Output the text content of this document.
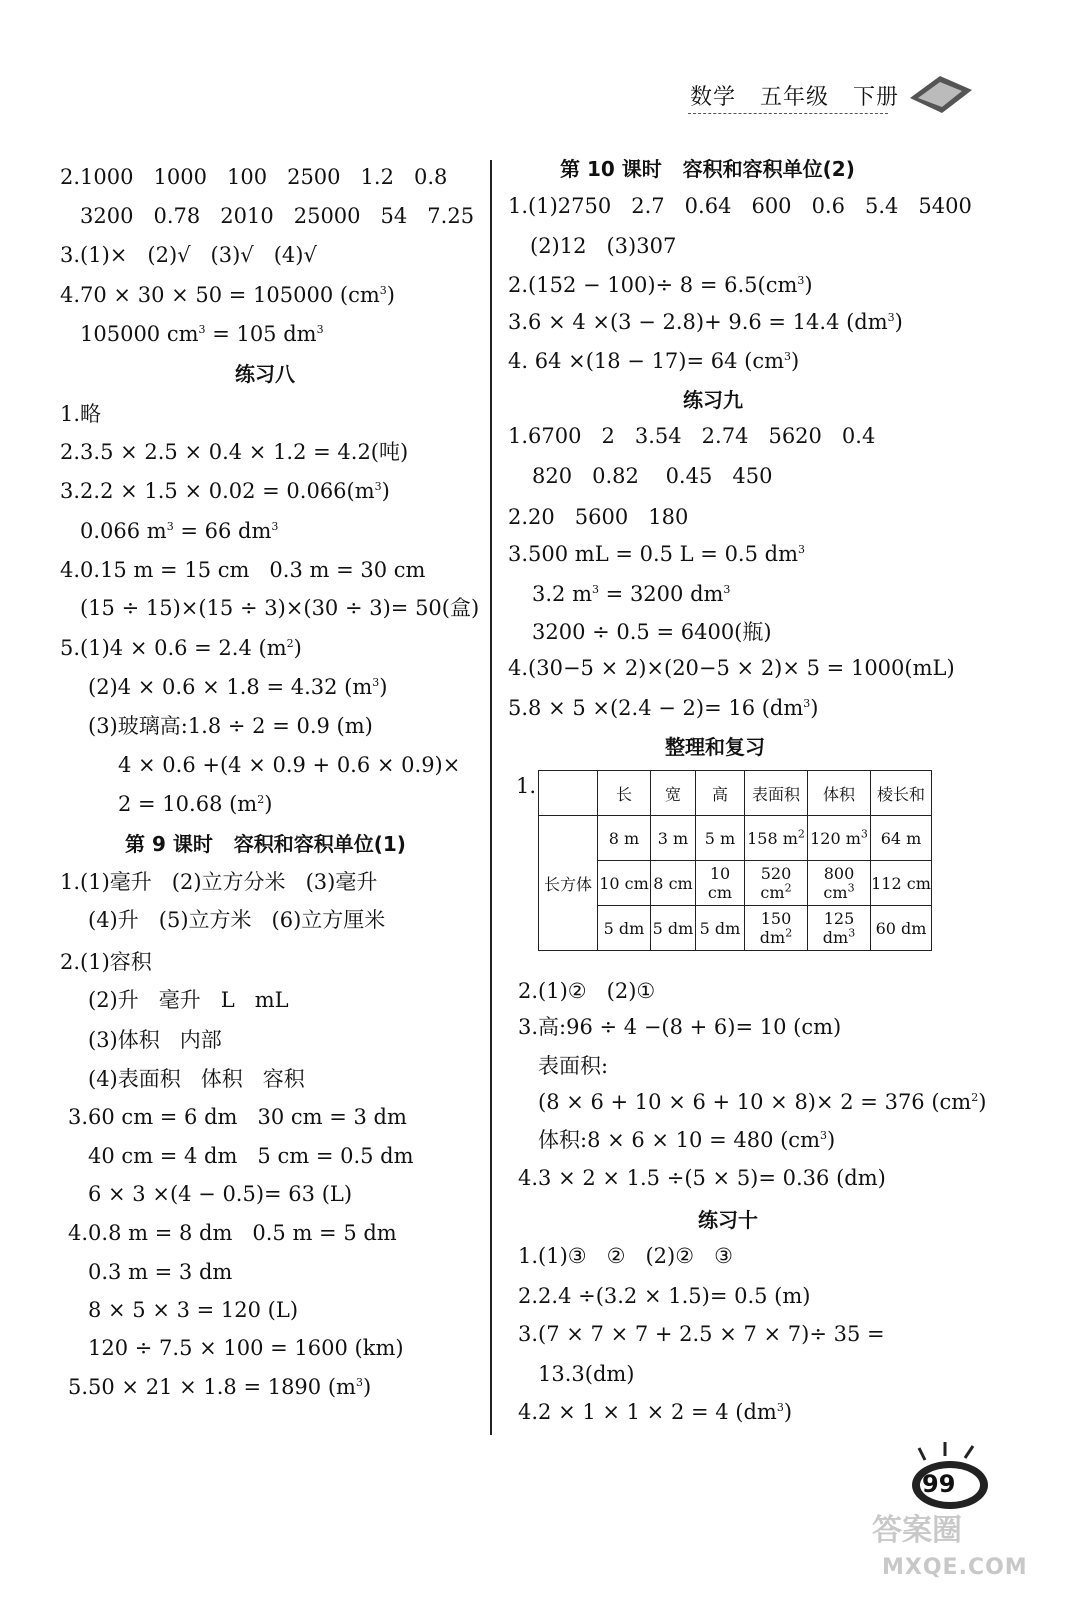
数学   五年级   下册
2.1000   1000   100   2500   1.2   0.8
3200   0.78   2010   25000   54   7.25
3.(1)×   (2)√   (3)√   (4)√
4.70 × 30 × 50 = 105000 $(cm^3)$
105000 $cm^3 = 105$ $dm^3$
练习八
1.略
2.3.5 × 2.5 × 0.4 × 1.2 = 4.2(吨)
$3.2.2 \times 1.5 \times 0.02 = 0.066(m^3)$
0.066 $m^3 = 66$ $dm^3$
4.0.15 m = 15 cm   0.3 m = 30 cm
(15 ÷ 15)×(15 ÷ 3)×(30 ÷ 3)= 50(盒)
5.(1)4 × 0.6 = 2.4 $(m^2)$
(2)4 × 0.6 × 1.8 = 4.32 $(m^3)$
(3)玻璃高:1.8 ÷ 2 = 0.9 (m)
4 × 0.6 +(4 × 0.9 + 0.6 × 0.9)×
2 = 10.68 $(m^2)$
第 9 课时   容积和容积单位(1)
1.(1)毫升   (2)立方分米   (3)毫升
(4)升   (5)立方米   (6)立方厘米
2.(1)容积
(2)升   毫升   L   mL
(3)体积   内部
(4)表面积   体积   容积
3.60 cm = 6 dm   30 cm = 3 dm
40 cm = 4 dm   5 cm = 0.5 dm
6 × 3 ×(4 − 0.5)= 63 (L)
4.0.8 m = 8 dm   0.5 m = 5 dm
0.3 m = 3 dm
8 × 5 × 3 = 120 (L)
120 ÷ 7.5 × 100 = 1600 (km)
5.50 × 21 × 1.8 = 1890 $(m^3)$
第 10 课时   容积和容积单位(2)
1.(1)2750   2.7   0.64   600   0.6   5.4   5400
(2)12   (3)307
$2.(152 - 100)\div 8 = 6.5(cm^3)$
3.6 × 4 ×(3 − 2.8)+ 9.6 = 14.4 $(dm^3)$
4. 64 ×(18 − 17)= 64 $(cm^3)$
练习九
1.6700   2   3.54   2.74   5620   0.4
820   0.82    0.45   450
2.20   5600   180
3.500 mL = 0.5 L = 0.5 $dm^3$
3.2 $m^3 = 3200$ $dm^3$
3200 ÷ 0.5 = 6400(瓶)
4.(30−5 × 2)×(20−5 × 2)× 5 = 1000(mL)
5.8 × 5 ×(2.4 − 2)= 16 $(dm^3)$
整理和复习
2.(1)②   (2)①
3.高:96 ÷ 4 −(8 + 6)= 10 (cm)
表面积:
(8 × 6 + 10 × 6 + 10 × 8)× 2 = 376 $(cm^2)$
体积:8 × 6 × 10 = 480 $(cm^3)$
4.3 × 2 × 1.5 ÷(5 × 5)= 0.36 (dm)
练习十
1.(1)③   ②   (2)②   ③
2.2.4 ÷(3.2 × 1.5)= 0.5 (m)
3.(7 × 7 × 7 + 2.5 × 7 × 7)÷ 35 =
13.3(dm)
4.2 × 1 × 1 × 2 = 4 $(dm^3)$
1.
		长	宽	高	表面积	体积	棱长和
长方体	8 m	3 m	5 m	158 $m^2$	120 $m^3$	64 m
	10 cm	8 cm	10 cm	520 $cm^2$	800 $cm^3$	112 cm
	5 dm	5 dm	5 dm	150 $dm^2$	125 $dm^3$	60 dm
99
答案圈
MXQE.COM
